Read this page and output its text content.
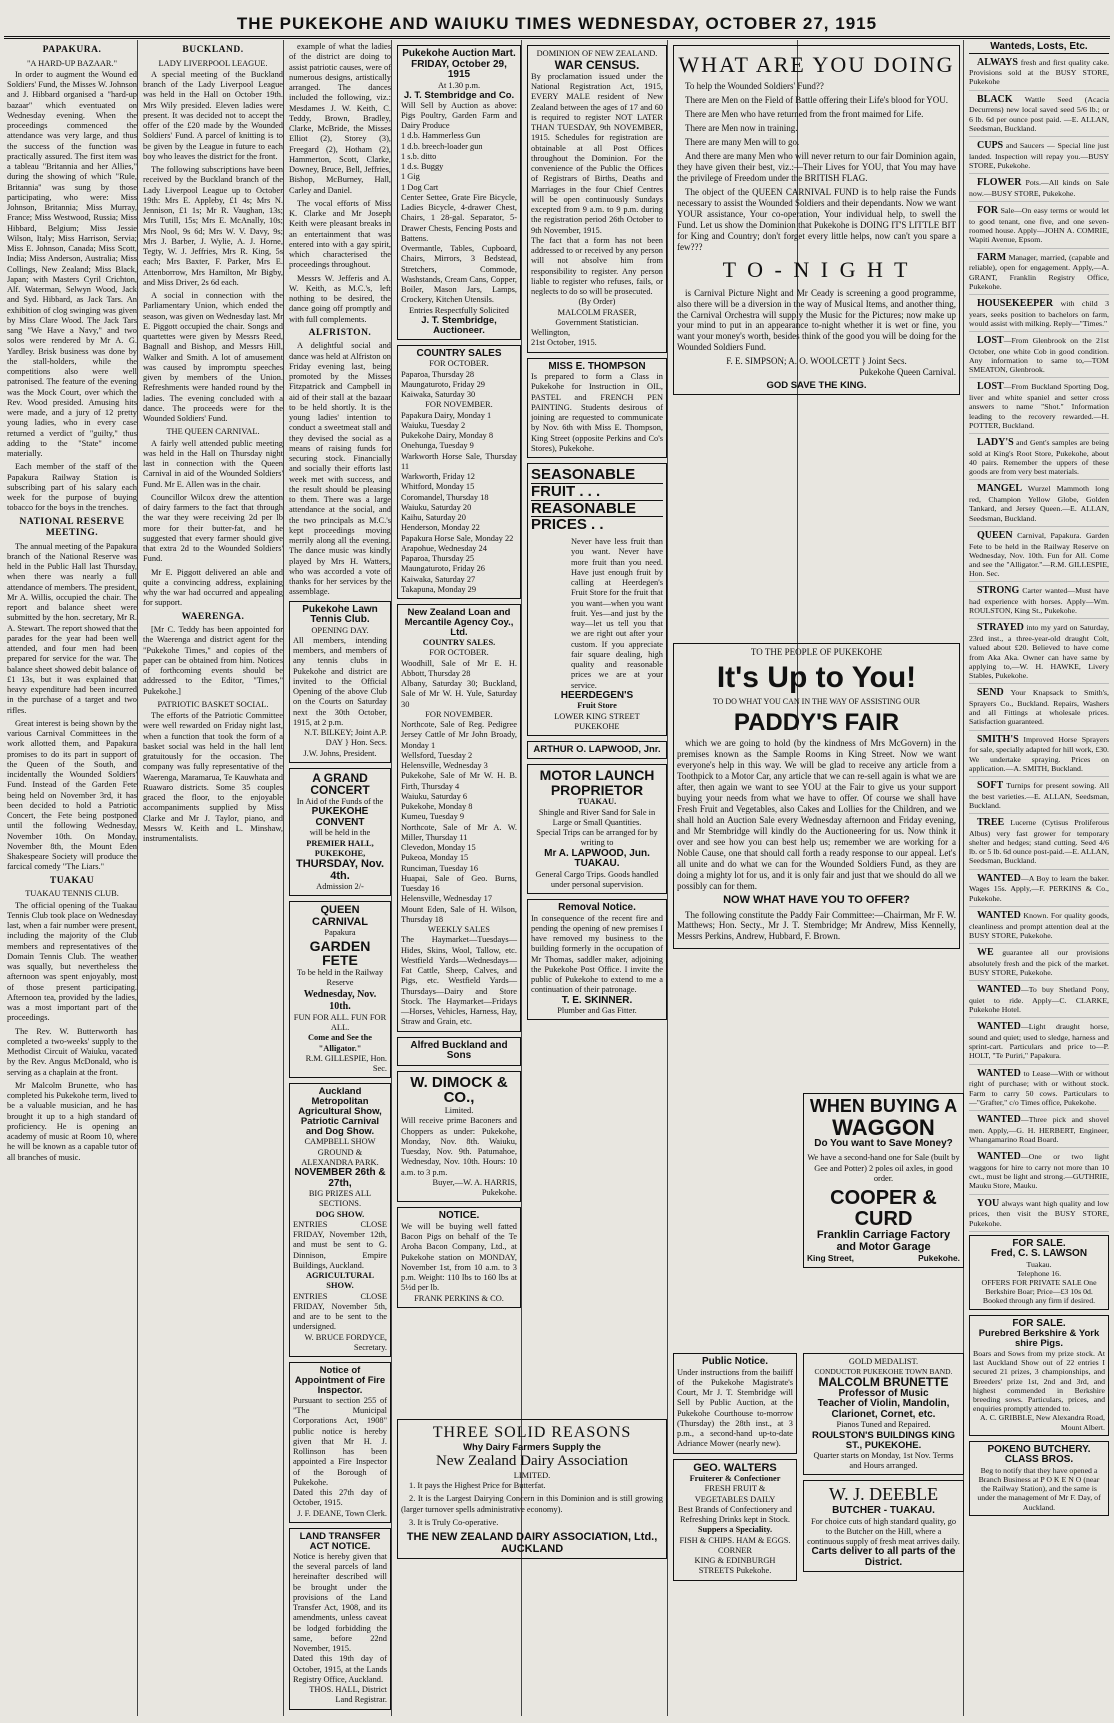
THE PUKEKOHE AND WAIUKU TIMES WEDNESDAY, OCTOBER 27, 1915
PAPAKURA.
"A HARD-UP BAZAAR."

In order to augment the Wound ed Soldiers' Fund, the Misses W. Johnson and J. Hibbard organised a "hard-up bazaar" which eventuated on Wednesday evening. When the proceedings commenced the attendance was very large, and thus the success of the function was practically assured. The first item was a tableau "Britannia and her Allies," during the showing of which "Rule, Britannia" was sung by those participating, who were: Miss Johnson, Britannia; Miss Murray, France; Miss Westwood, Russia; Miss Hibbard, Belgium; Miss Jessie Wilson, Italy; Miss Harrison, Servia; Miss E. Johnson, Canada; Miss Scott, India; Miss Anderson, Australia; Miss Collings, New Zealand; Miss Black, Japan; with Masters Cyril Crichton, Alf. Waterman, Selwyn Wood, Jack and Syd. Hibbard, as Jack Tars. An exhibition of clog swinging was given by Miss Clare Wood. The Jack Tars sang "We Have a Navy," and two solos were rendered by Mr A. G. Yardley. Brisk business was done by the stall-holders, while the competitions also were well patronised. The feature of the evening was the Mock Court, over which the Rev. Wood presided. Amusing hits were made, and a jury of 12 pretty young ladies, who in every case returned a verdict of "guilty," thus adding to the "State" income materially.

Each member of the staff of the Papakura Railway Station is subscribing part of his salary each week for the purpose of buying tobacco for the boys in the trenches.

NATIONAL RESERVE MEETING.

The annual meeting of the Papakura branch of the National Reserve was held in the Public Hall last Thursday, when there was nearly a full attendance of members. The president, Mr A. Willis, occupied the chair. The report and balance sheet were submitted by the hon. secretary, Mr R. A. Stewart. The report showed that the parades for the year had been well attended, and four men had been prepared for service for the war. The balance sheet showed debit balance of £1 13s, but it was explained that heavy expenditure had been incurred in the purchase of a target and two rifles.

Great interest is being shown by the various Carnival Committees in the work allotted them, and Papakura promises to do its part in support of the Queen of the South, and incidentally the Wounded Soldiers' Fund. Instead of the Garden Fete being held on November 3rd, it has been decided to hold a Patriotic Concert, the Fete being postponed until the following Wednesday, November 10th. On Monday, November 8th, the Mount Eden Shakespeare Society will produce the farcical comedy "The Liars."

TUAKAU
TUAKAU TENNIS CLUB.

The official opening of the Tuakau Tennis Club took place on Wednesday last, when a fair number were present, including the majority of the Club members and representatives of the Domain Tennis Club. The weather was squally, but nevertheless the afternoon was spent enjoyably, most of those present participating. Afternoon tea, provided by the ladies, was a most important part of the proceedings.

The Rev. W. Butterworth has completed a two-weeks' supply to the Methodist Circuit of Waiuku, vacated by the Rev. Angus McDonald, who is serving as a chaplain at the front.

Mr Malcolm Brunette, who has completed his Pukekohe term, lived to be a valuable musician, and he has brought it up to a high standard of proficiency. He is opening an academy of music at Room 10, where he will be known as a capable tutor of all branches of music.

BUCKLAND.
LADY LIVERPOOL LEAGUE.

A special meeting of the Buckland branch of the Lady Liverpool League was held in the Hall on October 19th. Mrs Wily presided. Eleven ladies were present. It was decided not to accept the offer of the £20 made by the Wounded Soldiers' Fund. A parcel of knitting is to be given by the League in future to each boy who leaves the district for the front.

The following subscriptions have been received by the Buckland branch of the Lady Liverpool League up to October 19th: Mrs E. Appleby, £1 4s; Mrs N. Jennison, £1 1s; Mr R. Vaughan, 13s; Mrs Tutill, 15s; Mrs E. McAnally, 10s; Mrs Nool, 9s 6d; Mrs W. V. Davy, 9s; Mrs J. Barber, J. Wylie, A. J. Horne, Tegty, W. J. Jeffries, Mrs R. King, 5s each; Mrs Baxter, F. Parker, Mrs E. Attenborrow, Mrs Hamilton, Mr Bigby, and Miss Driver, 2s 6d each.

A social in connection with the Parliamentary Union, which ended the season, was given on Wednesday last. Mr E. Piggott occupied the chair. Songs and quartettes were given by Messrs Reed, Bagnall and Bishop, and Messrs Hill, Walker and Smith. A lot of amusement was caused by impromptu speeches given by members of the Union. Refreshments were handed round by the ladies. The evening concluded with a dance. The proceeds were for the Wounded Soldiers' Fund.

THE QUEEN CARNIVAL.

A fairly well attended public meeting was held in the Hall on Thursday night last in connection with the Queen Carnival in aid of the Wounded Soldiers' Fund. Mr E. Allen was in the chair.

Councillor Wilcox drew the attention of dairy farmers to the fact that through the war they were receiving 2d per lb more for their butter-fat, and he suggested that every farmer should give that extra 2d to the Wounded Soldiers' Fund.

Mr E. Piggott delivered an able and quite a convincing address, explaining why the war had occurred and appealing for support.

WAERENGA.

[Mr C. Teddy has been appointed for the Waerenga and district agent for the "Pukekohe Times," and copies of the paper can be obtained from him. Notices of forthcoming events should be addressed to the Editor, "Times," Pukekohe.]

PATRIOTIC BASKET SOCIAL.

The efforts of the Patriotic Committee were well rewarded on Friday night last, when a function that took the form of a basket social was held in the hall lent gratuitously for the occasion. The company was fully representative of the Waerenga, Maramarua, Te Kauwhata and Ruawaro districts. Some 35 couples graced the floor, to the enjoyable accompaniments supplied by Miss Clarke and Mr J. Taylor, piano, and Messrs W. Keith and L. Minshaw, instrumentalists.

example of what the ladies of the district are doing to assist patriotic causes, were of numerous designs, artistically arranged. The dances included the following, viz.: Mesdames J. W. Keith, C. Teddy, Brown, Bradley, Clarke, McBride, the Misses Elliot (2), Storey (3), Freegard (2), Hotham (2), Hammerton, Scott, Clarke, Downey, Bruce, Bell, Jeffries, Bishop, McBurney, Hall, Carley and Daniel.

The vocal efforts of Miss K. Clarke and Mr Joseph Keith were pleasant breaks in an entertainment that was entered into with a gay spirit, which characterised the proceedings throughout.

Messrs W. Jefferis and A. W. Keith, as M.C.'s, left nothing to be desired, the dance going off promptly and with full complements.

ALFRISTON.

A delightful social and dance was held at Alfriston on Friday evening last, being promoted by the Misses Fitzpatrick and Campbell in aid of their stall at the bazaar to be held shortly. It is the young ladies' intention to conduct a sweetmeat stall and they devised the social as a means of raising funds for securing stock. Financially and socially their efforts last week met with success, and the result should be pleasing to them. There was a large attendance at the social, and the two principals as M.C.'s kept proceedings moving merrily along all the evening. The dance music was kindly played by Mrs H. Watters, who was accorded a vote of thanks for her services by the assemblage.

Pukekohe Lawn Tennis Club.
OPENING DAY.
All members, intending members, and members of any tennis clubs in Pukekohe and district are invited to the Official Opening of the above Club on the Courts on Saturday next the 30th October, 1915, at 2 p.m.
N.T. BILKEY; Joint A.P. DAY } Hon. Secs.
J.W. Johns, President.
A GRAND CONCERT
In Aid of the Funds of the
PUKEKOHE CONVENT
will be held in the
PREMIER HALL, PUKEKOHE,
THURSDAY, Nov. 4th.
Admission 2/-
QUEEN CARNIVAL
Papakura
GARDEN FETE
To be held in the Railway Reserve
Wednesday, Nov. 10th.
FUN FOR ALL. FUN FOR ALL.
Come and See the "Alligator."
R.M. GILLESPIE, Hon. Sec.
Auckland Metropolitan Agricultural Show, Patriotic Carnival and Dog Show.
CAMPBELL SHOW GROUND & ALEXANDRA PARK.
NOVEMBER 26th & 27th,
BIG PRIZES ALL SECTIONS.
DOG SHOW.
ENTRIES CLOSE FRIDAY, November 12th, and must be sent to G. Dinnison, Empire Buildings, Auckland.
AGRICULTURAL SHOW.
ENTRIES CLOSE FRIDAY, November 5th, and are to be sent to the undersigned.
W. BRUCE FORDYCE, Secretary.
Notice of Appointment of Fire Inspector.
Pursuant to section 255 of "The Municipal Corporations Act, 1908" public notice is hereby given that Mr H. J. Rollinson has been appointed a Fire Inspector of the Borough of Pukekohe.
Dated this 27th day of October, 1915.
J. F. DEANE, Town Clerk.
LAND TRANSFER ACT NOTICE.
Notice is hereby given that the several parcels of land hereinafter described will be brought under the provisions of the Land Transfer Act, 1908, and its amendments, unless caveat be lodged forbidding the same, before 22nd November, 1915.
Dated this 19th day of October, 1915, at the Lands Registry Office, Auckland.
THOS. HALL, District Land Registrar.
Pukekohe Auction Mart.
FRIDAY, October 29, 1915
At 1.30 p.m.
J. T. Stembridge and Co.
Will Sell by Auction as above: Pigs Poultry, Garden Farm and Dairy Produce
1 d.b. Hammerless Gun
1 d.b. breech-loader gun
1 s.b. ditto
1 d.s. Buggy
1 Gig
1 Dog Cart
Center Settee, Grate Fire Bicycle, Ladies Bicycle, 4-drawer Chest, Chairs, 1 28-gal. Separator, 5-Drawer Chests, Fencing Posts and Battens.
Overmantle, Tables, Cupboard, Chairs, Mirrors, 3 Bedstead, Stretchers, Commode, Washstands, Cream Cans, Copper, Boiler, Mason Jars, Lamps, Crockery, Kitchen Utensils.
Entries Respectfully Solicited
J. T. Stembridge, Auctioneer.
COUNTRY SALES
FOR OCTOBER.
Paparoa, Thursday 28
Maungaturoto, Friday 29
Kaiwaka, Saturday 30
FOR NOVEMBER.
Papakura Dairy, Monday 1
Waiuku, Tuesday 2
Pukekohe Dairy, Monday 8
Onehunga, Tuesday 9
Warkworth Horse Sale, Thursday 11
Warkworth, Friday 12
Whitford, Monday 15
Coromandel, Thursday 18
Waiuku, Saturday 20
Kaihu, Saturday 20
Henderson, Monday 22
Papakura Horse Sale, Monday 22
Arapohue, Wednesday 24
Paparoa, Thursday 25
Maungaturoto, Friday 26
Kaiwaka, Saturday 27
Takapuna, Monday 29
New Zealand Loan and Mercantile Agency Coy., Ltd.
COUNTRY SALES.
FOR OCTOBER.
Woodhill, Sale of Mr E. H. Abbott, Thursday 28
Albany, Saturday 30; Buckland, Sale of Mr W. H. Yule, Saturday 30
FOR NOVEMBER.
Northcote, Sale of Reg. Pedigree Jersey Cattle of Mr John Broady, Monday 1
Wellsford, Tuesday 2
Helensville, Wednesday 3
Pukekohe, Sale of Mr W. H. B. Firth, Thursday 4
Waiuku, Saturday 6
Pukekohe, Monday 8
Kumeu, Tuesday 9
Northcote, Sale of Mr A. W. Miller, Thursday 11
Clevedon, Monday 15
Pukeoa, Monday 15
Runciman, Tuesday 16
Huapai, Sale of Geo. Burns, Tuesday 16
Helensville, Wednesday 17
Mount Eden, Sale of H. Wilson, Thursday 18
WEEKLY SALES
The Haymarket—Tuesdays—Hides, Skins, Wool, Tallow, etc. Westfield Yards—Wednesdays—Fat Cattle, Sheep, Calves, and Pigs, etc. Westfield Yards—Thursdays—Dairy and Store Stock. The Haymarket—Fridays—Horses, Vehicles, Harness, Hay, Straw and Grain, etc.
Alfred Buckland and Sons
W. DIMOCK & CO.,
Limited.
Will receive prime Baconers and Choppers as under: Pukekohe, Monday, Nov. 8th. Waiuku, Tuesday, Nov. 9th. Patumahoe, Wednesday, Nov. 10th. Hours: 10 a.m. to 3 p.m.
Buyer,—W. A. HARRIS, Pukekohe.
NOTICE.
We will be buying well fatted Bacon Pigs on behalf of the Te Aroha Bacon Company, Ltd., at Pukekohe station on MONDAY, November 1st, from 10 a.m. to 3 p.m. Weight: 110 lbs to 160 lbs at 5½d per lb.
FRANK PERKINS & CO.
DOMINION OF NEW ZEALAND.
WAR CENSUS.
By proclamation issued under the National Registration Act, 1915, EVERY MALE resident of New Zealand between the ages of 17 and 60 is required to register NOT LATER THAN TUESDAY, 9th NOVEMBER, 1915. Schedules for registration are obtainable at all Post Offices throughout the Dominion. For the convenience of the Public the Offices of Registrars of Births, Deaths and Marriages in the four Chief Centres will be open continuously Sundays excepted from 9 a.m. to 9 p.m. during the registration period 26th October to 9th November, 1915.
The fact that a form has not been addressed to or received by any person will not absolve him from responsibility to register. Any person liable to register who refuses, fails, or neglects to do so will be prosecuted.
(By Order)
MALCOLM FRASER,
Government Statistician.
Wellington,
21st October, 1915.
MISS E. THOMPSON
Is prepared to form a Class in Pukekohe for Instruction in OIL, PASTEL and FRENCH PEN PAINTING. Students desirous of joining are requested to communicate by Nov. 6th with Miss E. Thompson, King Street (opposite Perkins and Co's Stores), Pukekohe.
SEASONABLE
FRUIT . . .
REASONABLE
PRICES . .
Never have less fruit than you want. Never have more fruit than you need. Have just enough fruit by calling at Heerdegen's Fruit Store for the fruit that you want—when you want fruit. Yes—and just by the way—let us tell you that we are right out after your custom. If you appreciate fair square dealing, high quality and reasonable prices we are at your service.
HEERDEGEN'S
Fruit Store
LOWER KING STREET PUKEKOHE
ARTHUR O. LAPWOOD, Jnr.
MOTOR LAUNCH PROPRIETOR
TUAKAU.
Shingle and River Sand for Sale in Large or Small Quantities.
Special Trips can be arranged for by writing to
Mr A. LAPWOOD, Jun. TUAKAU.
General Cargo Trips. Goods handled under personal supervision.
Removal Notice.
In consequence of the recent fire and pending the opening of new premises I have removed my business to the building formerly in the occupation of Mr Thomas, saddler maker, adjoining the Pukekohe Post Office. I invite the public of Pukekohe to extend to me a continuation of their patronage.
T. E. SKINNER.
Plumber and Gas Fitter.
WHAT ARE YOU DOING

To help the Wounded Soldiers' Fund??

There are Men on the Field of Battle offering their Life's blood for YOU.

There are Men who have returned from the front maimed for Life.

There are Men now in training.

There are many Men will to go.

And there are many Men who will never return to our fair Dominion again, they have given their best, viz.:—Their Lives for YOU, that You may have the privilege of Freedom under the BRITISH FLAG.

The object of the QUEEN CARNIVAL FUND is to help raise the Funds necessary to assist the Wounded Soldiers and their dependants. Now we want YOUR assistance, Your co-operation, Your individual help, to swell the Fund. Let us show the Dominion that Pukekohe is DOING IT'S LITTLE BIT for King and Country; don't forget every little helps, now can't you spare a few???

T O - N I G H T

is Carnival Picture Night and Mr Ceady is screening a good programme, also there will be a diversion in the way of Musical Items, and another thing, the Carnival Orchestra will supply the Music for the Pictures; now make up your mind to put in an appearance to-night whether it is wet or fine, you want your money's worth, besides think of the good you will be doing for the Wounded Soldiers Fund.

F. E. SIMPSON; A. O. WOOLCETT } Joint Secs.
Pukekohe Queen Carnival.
GOD SAVE THE KING.
TO THE PEOPLE OF PUKEKOHE
It's Up to You!
TO DO WHAT YOU CAN IN THE WAY OF ASSISTING OUR
PADDY'S FAIR

which we are going to hold (by the kindness of Mrs McGovern) in the premises known as the Sample Rooms in King Street. Now we want everyone's help in this way. We will be glad to receive any article from a Toothpick to a Motor Car, any article that we can re-sell again is what we are after, then again we want to see YOU at the Fair to give us your support buying your needs from what we have to offer. Of course we shall have Fresh Fruit and Vegetables, also Cakes and Lollies for the Children, and we shall hold an Auction Sale every Wednesday afternoon and Friday evening, and Mr Stembridge will kindly do the Auctioneering for us. Now think it over and see how you can best help us; remember we are working for a Noble Cause, one that should call forth a ready response to our appeal. Let's all unite and do what we can for the Wounded Soldiers Fund, as they are doing a mighty lot for us, and it is only fair and just that we should do all we possibly can for them.

NOW WHAT HAVE YOU TO OFFER?

The following constitute the Paddy Fair Committee:—Chairman, Mr F. W. Matthews; Hon. Secty., Mr J. T. Stembridge; Mr Andrew, Miss Kennelly, Messrs Perkins, Andrew, Hubbard, F. Brown.

WHEN BUYING A
WAGGON
Do You want to Save Money?
We have a second-hand one for Sale (built by Gee and Potter) 2 poles oil axles, in good order.
COOPER & CURD
Franklin Carriage Factory
and Motor Garage
King Street,	Pukekohe.
THREE SOLID REASONS
Why Dairy Farmers Supply the
New Zealand Dairy Association
LIMITED.

1. It pays the Highest Price for Butterfat.

2. It is the Largest Dairying Concern in this Dominion and is still growing (larger turnover spells administrative economy).

3. It is Truly Co-operative.

THE NEW ZEALAND DAIRY ASSOCIATION, Ltd., AUCKLAND
Public Notice.
Under instructions from the bailiff of the Pukekohe Magistrate's Court, Mr J. T. Stembridge will Sell by Public Auction, at the Pukekohe Courthouse to-morrow (Thursday) the 28th inst., at 3 p.m., a second-hand up-to-date Adriance Mower (nearly new).
GEO. WALTERS
Fruiterer & Confectioner
FRESH FRUIT & VEGETABLES DAILY
Best Brands of Confectionery and Refreshing Drinks kept in Stock.
Suppers a Speciality.
FISH & CHIPS. HAM & EGGS.
CORNER
KING & EDINBURGH STREETS Pukekohe.
GOLD MEDALIST.
CONDUCTOR PUKEKOHE TOWN BAND.
MALCOLM BRUNETTE
Professor of Music
Teacher of Violin, Mandolin, Clarionet, Cornet, etc.
Pianos Tuned and Repaired.
ROULSTON'S BUILDINGS KING ST., PUKEKOHE.
Quarter starts on Monday, 1st Nov. Terms and Hours arranged.
W. J. DEEBLE
BUTCHER - TUAKAU.
For choice cuts of high standard quality, go to the Butcher on the Hill, where a continuous supply of fresh meat arrives daily.
Carts deliver to all parts of the District.
Wanteds, Losts, Etc.

ALWAYS fresh and first quality cake. Provisions sold at the BUSY STORE, Pukekohe

BLACK Wattle Seed (Acacia Decurrens) new local saved seed 5/6 lb.; or 6 lb. 6d per ounce post paid. —E. ALLAN, Seedsman, Buckland.

CUPS and Saucers — Special line just landed. Inspection will repay you.—BUSY STORE, Pukekohe.

FLOWER Pots.—All kinds on Sale now.—BUSY STORE, Pukekohe.

FOR Sale—On easy terms or would let to good tenant, one five, and one seven-roomed house. Apply—JOHN A. COMRIE, Wapiti Avenue, Epsom.

FARM Manager, married, (capable and reliable), open for engagement. Apply,—A. GRANT, Franklin Registry Office, Pukekohe.

HOUSEKEEPER with child 3 years, seeks position to bachelors on farm, would assist with milking. Reply—"Times."

LOST—From Glenbrook on the 21st October, one white Cob in good condition. Any information to same to,—TOM SMEATON, Glenbrook.

LOST—From Buckland Sporting Dog, liver and white spaniel and setter cross answers to name "Shot." Information leading to the recovery rewarded.—H. POTTER, Buckland.

LADY'S and Gent's samples are being sold at King's Root Store, Pukekohe, about 40 pairs. Remember the uppers of these goods are from very best materials.

MANGEL Wurzel Mammoth long red, Champion Yellow Globe, Golden Tankard, and Jersey Queen.—E. ALLAN, Seedsman, Buckland.

QUEEN Carnival, Papakura. Garden Fete to be held in the Railway Reserve on Wednesday, Nov. 10th. Fun for All. Come and see the "Alligator."—R.M. GILLESPIE, Hon. Sec.

STRONG Carter wanted—Must have had experience with horses. Apply—Wm. ROULSTON, King St., Pukekohe.

STRAYED into my yard on Saturday, 23rd inst., a three-year-old draught Colt, valued about £20. Believed to have come from Aka Aka. Owner can have same by applying to,—W. H. HAWKE, Livery Stables, Pukekohe.

SEND Your Knapsack to Smith's, Sprayers Co., Buckland. Repairs, Washers and all Fittings at wholesale prices. Satisfaction guaranteed.

SMITH'S Improved Horse Sprayers for sale, specially adapted for hill work, £30. We undertake spraying. Prices on application.—A. SMITH, Buckland.

SOFT Turnips for present sowing. All the best varieties.—E. ALLAN, Seedsman, Buckland.

TREE Lucerne (Cytisus Proliferous Albus) very fast grower for temporary shelter and hedges; stand cutting. Seed 4/6 lb. or 5 lb. 6d ounce post-paid.—E. ALLAN, Seedsman, Buckland.

WANTED—A Boy to learn the baker. Wages 15s. Apply,—F. PERKINS & Co., Pukekohe.

WANTED Known. For quality goods, cleanliness and prompt attention deal at the BUSY STORE, Pukekohe.

WE guarantee all our provisions absolutely fresh and the pick of the market. BUSY STORE, Pukekohe.

WANTED—To buy Shetland Pony, quiet to ride. Apply—C. CLARKE, Pukekohe Hotel.

WANTED—Light draught horse, sound and quiet; used to sledge, harness and sprint-cart. Particulars and price to—P. HOLT, "Te Puriri," Papakura.

WANTED to Lease—With or without right of purchase; with or without stock. Farm to carry 50 cows. Particulars to—"Grafter," c/o Times office, Pukekohe.

WANTED—Three pick and shovel men. Apply,—G. H. HERBERT, Engineer, Whangamarino Road Board.

WANTED—One or two light waggons for hire to carry not more than 10 cwt., must be light and strong.—GUTHRIE, Mauku Store, Mauku.

YOU always want high quality and low prices, then visit the BUSY STORE, Pukekohe.

FOR SALE.
Fred, C. S. LAWSON
Tuakau.
Telephone 16.
OFFERS FOR PRIVATE SALE One Berkshire Boar; Price—£3 10s 0d. Booked through any firm if desired.
FOR SALE.
Purebred Berkshire & York shire Pigs.
Boars and Sows from my prize stock. At last Auckland Show out of 22 entries I secured 21 prizes, 3 championships, and Breeders' prize 1st, 2nd and 3rd, and highest commended in Berkshire breeding sows. Particulars, prices, and enquiries promptly attended to.
A. C. GRIBBLE, New Alexandra Road, Mount Albert.
POKENO BUTCHERY.
CLASS BROS.
Beg to notify that they have opened a Branch Business at P O K E N O (near the Railway Station), and the same is under the management of Mr F. Day, of Auckland.
